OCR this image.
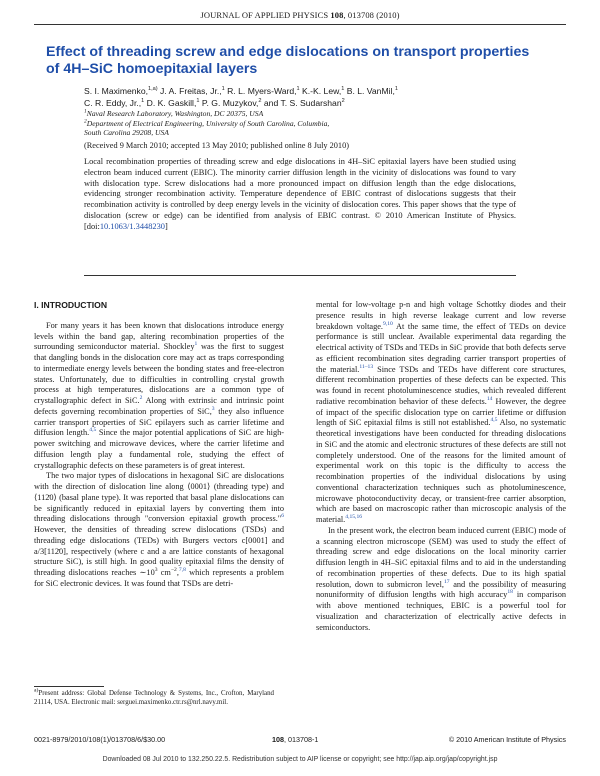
JOURNAL OF APPLIED PHYSICS 108, 013708 (2010)
Effect of threading screw and edge dislocations on transport properties
of 4H–SiC homoepitaxial layers
S. I. Maximenko,$^{1,a)}$ J. A. Freitas, Jr.,$^1$ R. L. Myers-Ward,$^1$ K.-K. Lew,$^1$ B. L. VanMil,$^1$
C. R. Eddy, Jr.,$^1$ D. K. Gaskill,$^1$ P. G. Muzykov,$^2$ and T. S. Sudarshan$^2$
$^1$Naval Research Laboratory, Washington, DC 20375, USA
$^2$Department of Electrical Engineering, University of South Carolina, Columbia,
South Carolina 29208, USA
(Received 9 March 2010; accepted 13 May 2010; published online 8 July 2010)
Local recombination properties of threading screw and edge dislocations in 4H–SiC epitaxial layers have been studied using electron beam induced current (EBIC). The minority carrier diffusion length in the vicinity of dislocations was found to vary with dislocation type. Screw dislocations had a more pronounced impact on diffusion length than the edge dislocations, evidencing stronger recombination activity. Temperature dependence of EBIC contrast of dislocations suggests that their recombination activity is controlled by deep energy levels in the vicinity of dislocation cores. This paper shows that the type of dislocation (screw or edge) can be identified from analysis of EBIC contrast. © 2010 American Institute of Physics. [doi:10.1063/1.3448230]
I. INTRODUCTION

For many years it has been known that dislocations introduce energy levels within the band gap, altering recombination properties of the surrounding semiconductor material. Shockley$^1$ was the first to suggest that dangling bonds in the dislocation core may act as traps corresponding to intermediate energy levels between the bonding states and free-electron states. Unfortunately, due to difficulties in controlling crystal growth process at high temperatures, dislocations are a common type of crystallographic defect in SiC.$^2$ Along with extrinsic and intrinsic point defects governing recombination properties of SiC,$^3$ they also influence carrier transport properties of SiC epilayers such as carrier lifetime and diffusion length.$^{4,5}$ Since the major potential applications of SiC are high-power switching and microwave devices, where the carrier lifetime and diffusion length play a fundamental role, studying the effect of crystallographic defects on these parameters is of great interest.

The two major types of dislocations in hexagonal SiC are dislocations with the direction of dislocation line along ⟨0001⟩ (threading type) and ⟨112̄0⟩ (basal plane type). It was reported that basal plane dislocations can be significantly reduced in epitaxial layers by converting them into threading dislocations through "conversion epitaxial growth process."$^6$ However, the densities of threading screw dislocations (TSDs) and threading edge dislocations (TEDs) with Burgers vectors c[0001] and a/3[112̄0], respectively (where c and a are lattice constants of hexagonal structure SiC), is still high. In good quality epitaxial films the density of threading dislocations reaches $\sim 10^3$ $cm^{-2},^{7,8}$ which represents a problem for SiC electronic devices. It was found that TSDs are detri-

$^{a)}$Present address: Global Defense Technology & Systems, Inc., Crofton, Maryland 21114, USA. Electronic mail: serguei.maximenko.ctr.rs@nrl.navy.mil.

mental for low-voltage p-n and high voltage Schottky diodes and their presence results in high reverse leakage current and low reverse breakdown voltage.$^{9,10}$ At the same time, the effect of TEDs on device performance is still unclear. Available experimental data regarding the electrical activity of TSDs and TEDs in SiC provide that both defects serve as efficient recombination sites degrading carrier transport properties of the material.$^{11-13}$ Since TSDs and TEDs have different core structures, different recombination properties of these defects can be expected. This was found in recent photoluminescence studies, which revealed different radiative recombination behavior of these defects.$^{14}$ However, the degree of impact of the specific dislocation type on carrier lifetime or diffusion length of SiC epitaxial films is still not established.$^{4,5}$ Also, no systematic theoretical investigations have been conducted for threading dislocations in SiC and the atomic and electronic structures of these defects are still not completely understood. One of the reasons for the limited amount of experimental work on this topic is the difficulty to access the recombination properties of the individual dislocations by using conventional characterization techniques such as photoluminescence, microwave photoconductivity decay, or transient-free carrier absorption, which are based on macroscopic rather than microscopic analysis of the material.$^{4,15,16}$

In the present work, the electron beam induced current (EBIC) mode of a scanning electron microscope (SEM) was used to study the effect of threading screw and edge dislocations on the local minority carrier diffusion length in 4H–SiC epitaxial films and to aid in the understanding of recombination properties of these defects. Due to its high spatial resolution, down to submicron level,$^{17}$ and the possibility of measuring nonuniformity of diffusion lengths with high accuracy$^{18}$ in comparison with above mentioned techniques, EBIC is a powerful tool for visualization and characterization of electrically active defects in semiconductors.

0021-8979/2010/108(1)/013708/6/$30.00	108, 013708-1	© 2010 American Institute of Physics
Downloaded 08 Jul 2010 to 132.250.22.5. Redistribution subject to AIP license or copyright; see http://jap.aip.org/jap/copyright.jsp
